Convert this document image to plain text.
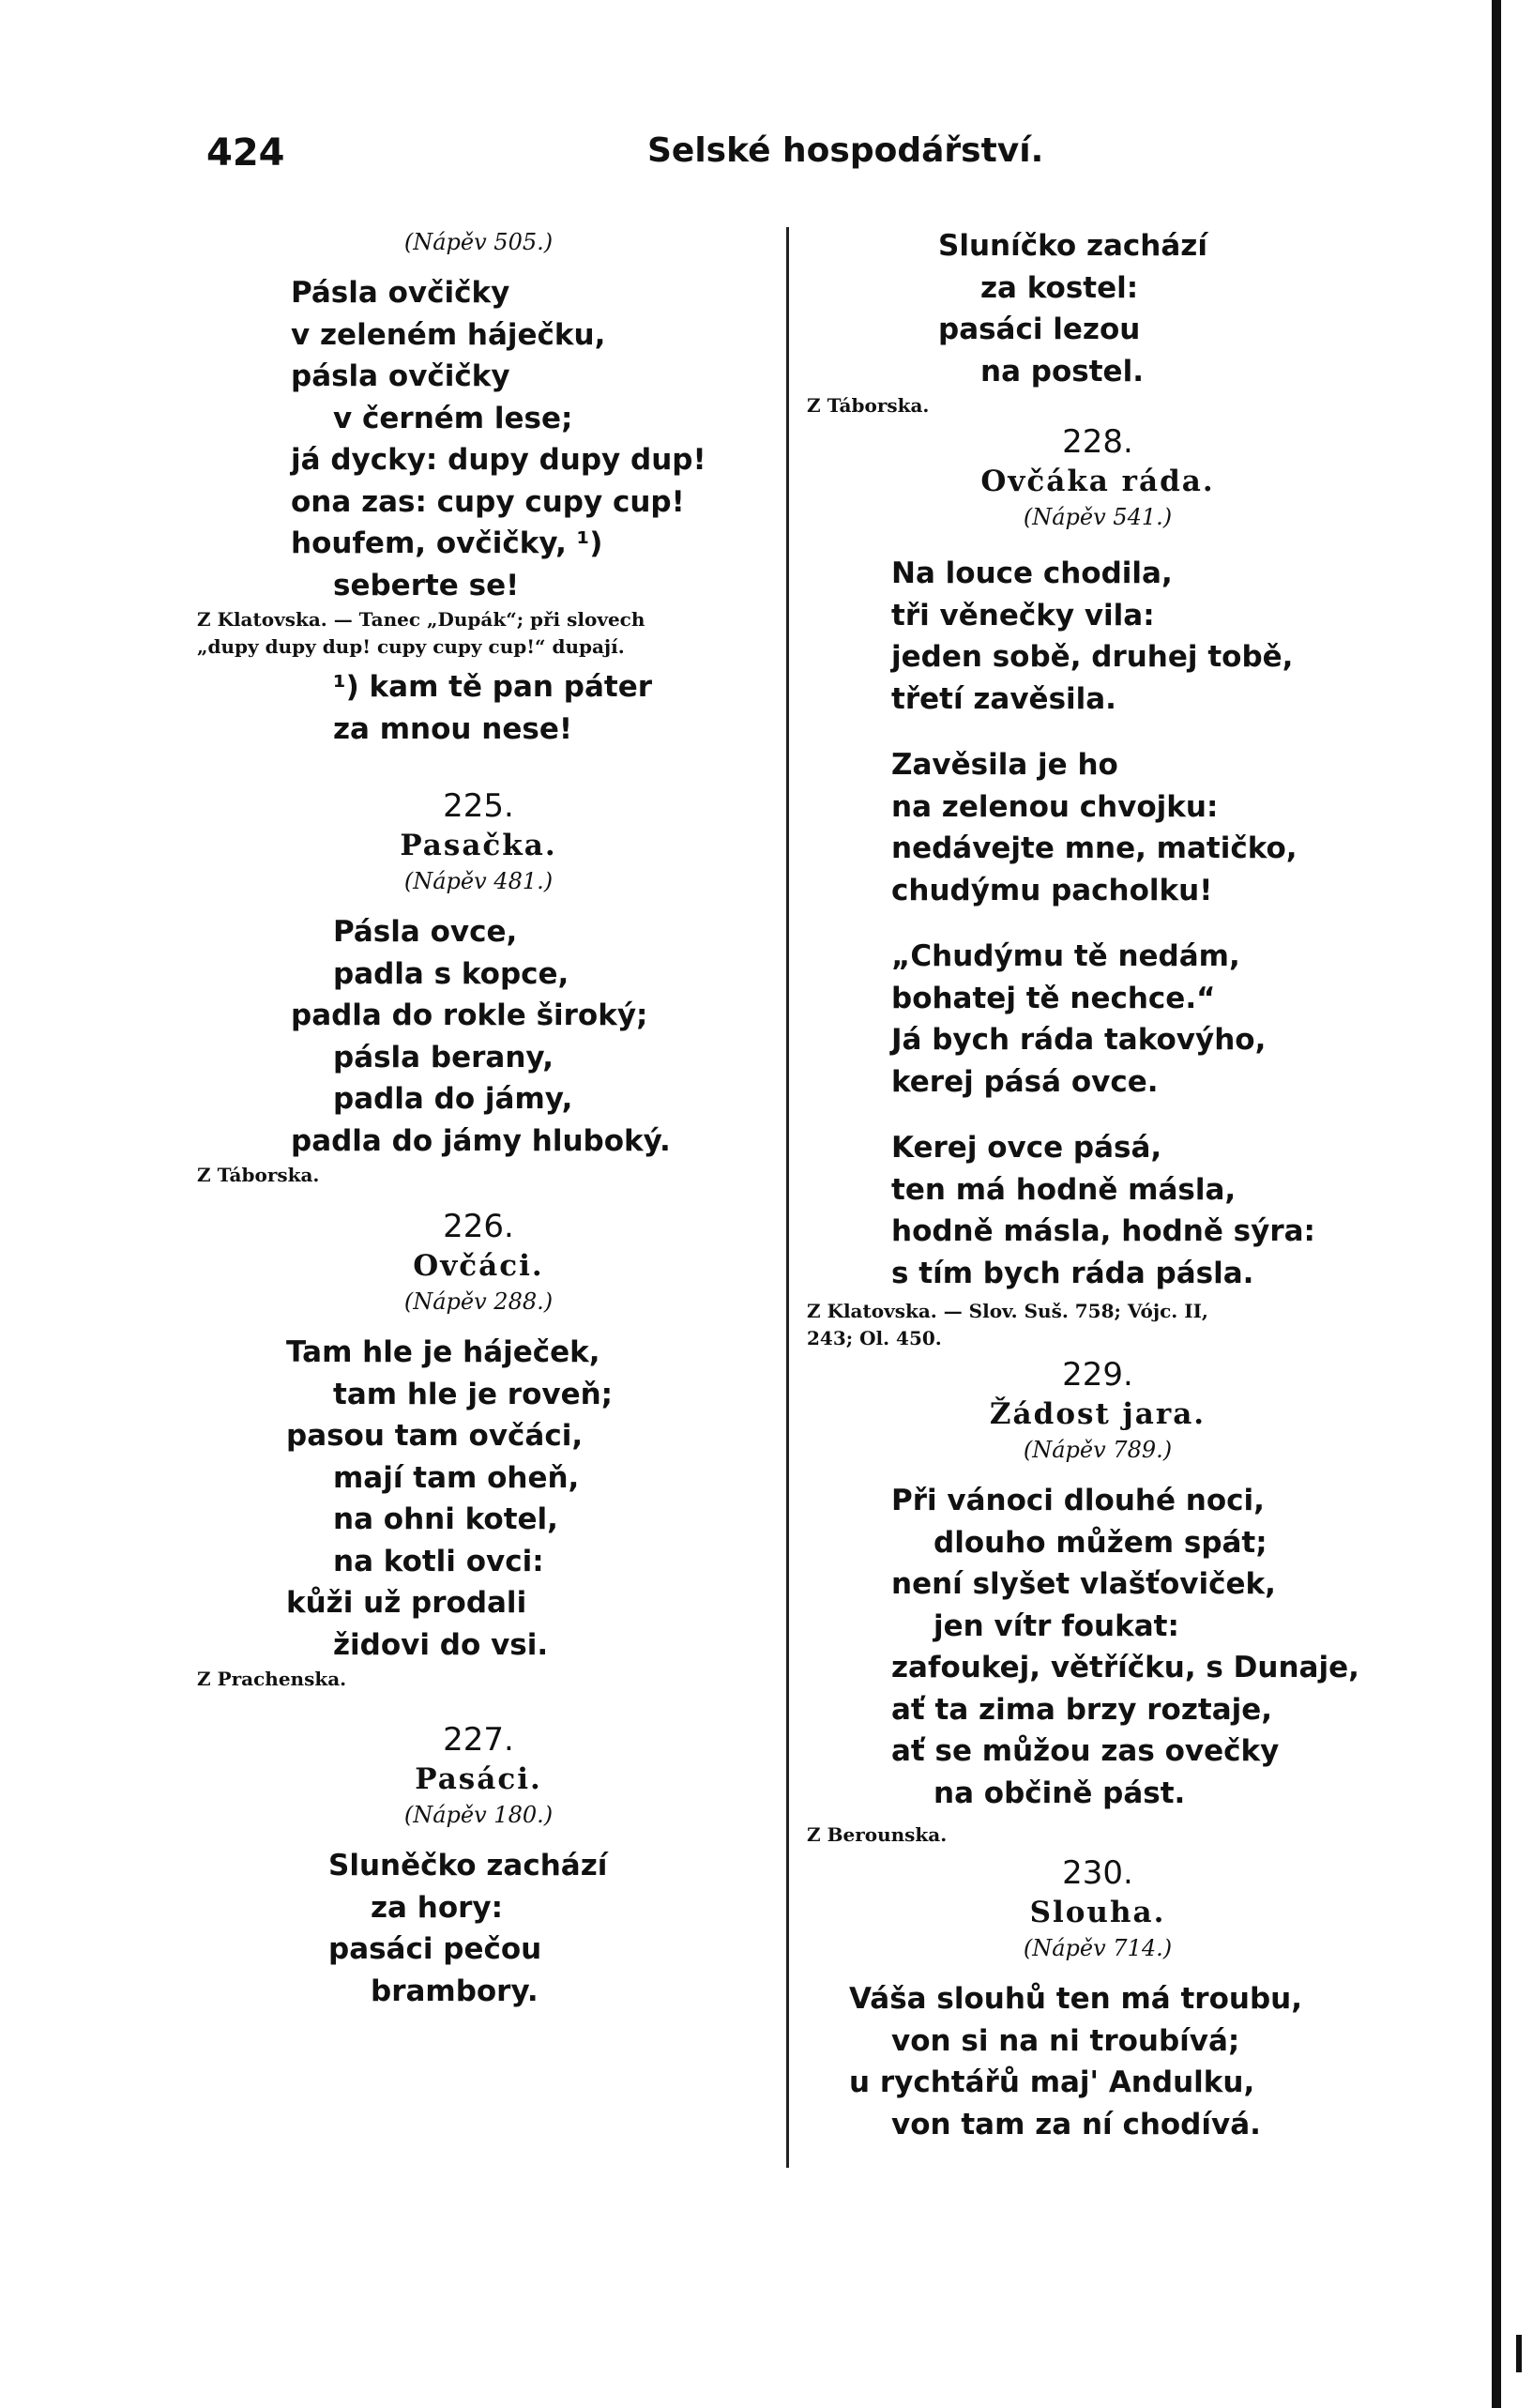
424	Selské hospodářství.
(Nápěv 505.)
Pásla ovčičky
v zeleném háječku,
pásla ovčičky
v černém lese;
já dycky: dupy dupy dup!
ona zas: cupy cupy cup!
houfem, ovčičky, ¹)
seberte se!
Z Klatovska. — Tanec „Dupák“; při slovech
„dupy dupy dup! cupy cupy cup!“ dupají.
¹) kam tě pan páter
za mnou nese!
225.
Pasačka.
(Nápěv 481.)
Pásla ovce,
padla s kopce,
padla do rokle široký;
pásla berany,
padla do jámy,
padla do jámy hluboký.
Z Táborska.
226.
Ovčáci.
(Nápěv 288.)
Tam hle je háječek,
tam hle je roveň;
pasou tam ovčáci,
mají tam oheň,
na ohni kotel,
na kotli ovci:
kůži už prodali
židovi do vsi.
Z Prachenska.
227.
Pasáci.
(Nápěv 180.)
Sluněčko zachází
za hory:
pasáci pečou
brambory.
Sluníčko zachází
za kostel:
pasáci lezou
na postel.
Z Táborska.
228.
Ovčáka ráda.
(Nápěv 541.)
Na louce chodila,
tři věnečky vila:
jeden sobě, druhej tobě,
třetí zavěsila.
Zavěsila je ho
na zelenou chvojku:
nedávejte mne, matičko,
chudýmu pacholku!
„Chudýmu tě nedám,
bohatej tě nechce.“
Já bych ráda takovýho,
kerej pásá ovce.
Kerej ovce pásá,
ten má hodně másla,
hodně másla, hodně sýra:
s tím bych ráda pásla.
Z Klatovska. — Slov. Suš. 758; Vójc. II,
243; Ol. 450.
229.
Žádost jara.
(Nápěv 789.)
Při vánoci dlouhé noci,
dlouho můžem spát;
není slyšet vlašťoviček,
jen vítr foukat:
zafoukej, větříčku, s Dunaje,
ať ta zima brzy roztaje,
ať se můžou zas ovečky
na občině pást.
Z Berounska.
230.
Slouha.
(Nápěv 714.)
Váša slouhů ten má troubu,
von si na ni troubívá;
u rychtářů maj' Andulku,
von tam za ní chodívá.
